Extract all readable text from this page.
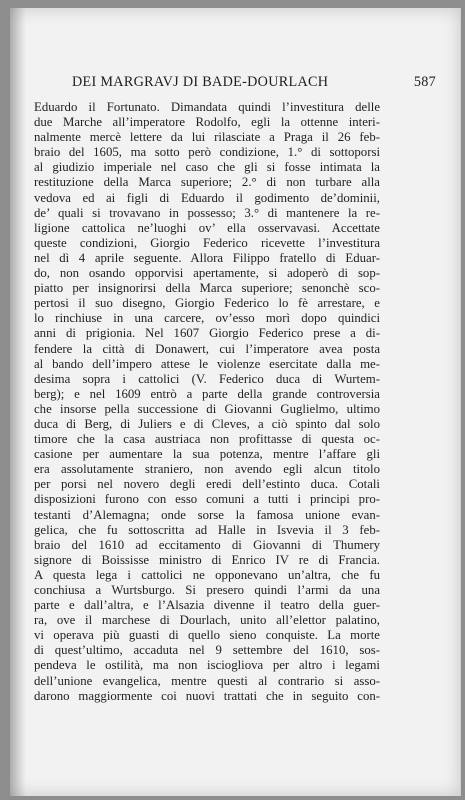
DEI MARGRAVJ DI BADE-DOURLACH	587
Eduardo il Fortunato. Dimandata quindi l’investitura delle
due Marche all’imperatore Rodolfo, egli la ottenne interi-
nalmente mercè lettere da lui rilasciate a Praga il 26 feb-
braio del 1605, ma sotto però condizione, 1.° di sottoporsi
al giudizio imperiale nel caso che gli si fosse intimata la
restituzione della Marca superiore; 2.° di non turbare alla
vedova ed ai figli di Eduardo il godimento de’dominii,
de’ quali si trovavano in possesso; 3.° di mantenere la re-
ligione cattolica ne’luoghi ov’ ella osservavasi. Accettate
queste condizioni, Giorgio Federico ricevette l’investitura
nel dì 4 aprile seguente. Allora Filippo fratello di Eduar-
do, non osando opporvisi apertamente, si adoperò di sop-
piatto per insignorirsi della Marca superiore; senonchè sco-
pertosi il suo disegno, Giorgio Federico lo fè arrestare, e
lo rinchiuse in una carcere, ov’esso morì dopo quindici
anni di prigionia. Nel 1607 Giorgio Federico prese a di-
fendere la città di Donawert, cui l’imperatore avea posta
al bando dell’impero attese le violenze esercitate dalla me-
desima sopra i cattolici (V. Federico duca di Wurtem-
berg); e nel 1609 entrò a parte della grande controversia
che insorse pella successione di Giovanni Guglielmo, ultimo
duca di Berg, di Juliers e di Cleves, a ciò spinto dal solo
timore che la casa austriaca non profittasse di questa oc-
casione per aumentare la sua potenza, mentre l’affare gli
era assolutamente straniero, non avendo egli alcun titolo
per porsi nel novero degli eredi dell’estinto duca. Cotali
disposizioni furono con esso comuni a tutti i principi pro-
testanti d’Alemagna; onde sorse la famosa unione evan-
gelica, che fu sottoscritta ad Halle in Isvevia il 3 feb-
braio del 1610 ad eccitamento di Giovanni di Thumery
signore di Boississe ministro di Enrico IV re di Francia.
A questa lega i cattolici ne opponevano un’altra, che fu
conchiusa a Wurtsburgo. Si presero quindi l’armi da una
parte e dall’altra, e l’Alsazia divenne il teatro della guer-
ra, ove il marchese di Dourlach, unito all’elettor palatino,
vi operava più guasti di quello sieno conquiste. La morte
di quest’ultimo, accaduta nel 9 settembre del 1610, sos-
pendeva le ostilità, ma non isciogliova per altro i legami
dell’unione evangelica, mentre questi al contrario si asso-
darono maggiormente coi nuovi trattati che in seguito con-
